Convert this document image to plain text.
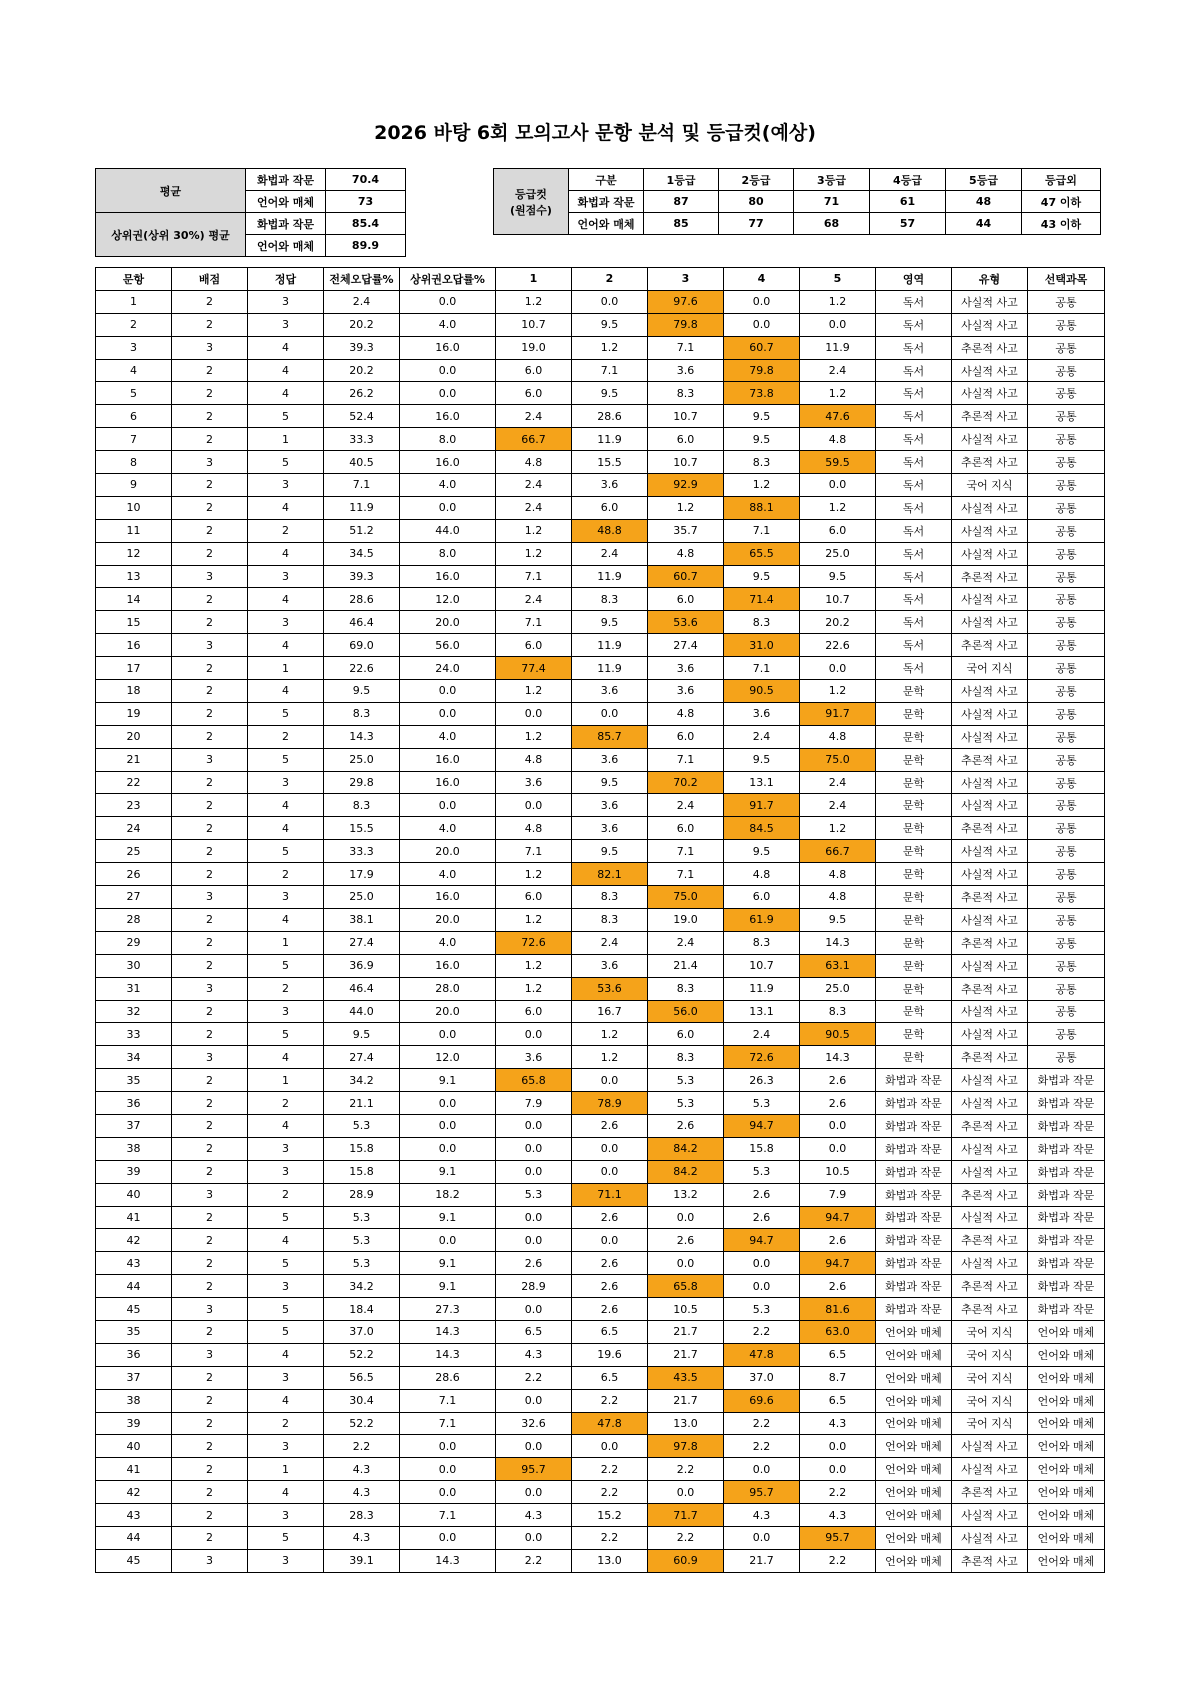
2026 바탕 6회 모의고사 문항 분석 및 등급컷(예상)
평균	화법과 작문	70.4
	언어와 매체	73
상위권(상위 30%) 평균	화법과 작문	85.4
	언어와 매체	89.9
등급컷
(원점수)	구분	1등급	2등급	3등급	4등급	5등급	등급외

	화법과 작문	87	80	71	61	48	47 이하
	언어와 매체	85	77	68	57	44	43 이하
문항	배점	정답	전체오답률%	상위권오답률%	1	2	3	4	5	영역	유형	선택과목
1	2	3	2.4	0.0	1.2	0.0	97.6	0.0	1.2	독서	사실적 사고	공통
2	2	3	20.2	4.0	10.7	9.5	79.8	0.0	0.0	독서	사실적 사고	공통
3	3	4	39.3	16.0	19.0	1.2	7.1	60.7	11.9	독서	추론적 사고	공통
4	2	4	20.2	0.0	6.0	7.1	3.6	79.8	2.4	독서	사실적 사고	공통
5	2	4	26.2	0.0	6.0	9.5	8.3	73.8	1.2	독서	사실적 사고	공통
6	2	5	52.4	16.0	2.4	28.6	10.7	9.5	47.6	독서	추론적 사고	공통
7	2	1	33.3	8.0	66.7	11.9	6.0	9.5	4.8	독서	사실적 사고	공통
8	3	5	40.5	16.0	4.8	15.5	10.7	8.3	59.5	독서	추론적 사고	공통
9	2	3	7.1	4.0	2.4	3.6	92.9	1.2	0.0	독서	국어 지식	공통
10	2	4	11.9	0.0	2.4	6.0	1.2	88.1	1.2	독서	사실적 사고	공통
11	2	2	51.2	44.0	1.2	48.8	35.7	7.1	6.0	독서	사실적 사고	공통
12	2	4	34.5	8.0	1.2	2.4	4.8	65.5	25.0	독서	사실적 사고	공통
13	3	3	39.3	16.0	7.1	11.9	60.7	9.5	9.5	독서	추론적 사고	공통
14	2	4	28.6	12.0	2.4	8.3	6.0	71.4	10.7	독서	사실적 사고	공통
15	2	3	46.4	20.0	7.1	9.5	53.6	8.3	20.2	독서	사실적 사고	공통
16	3	4	69.0	56.0	6.0	11.9	27.4	31.0	22.6	독서	추론적 사고	공통
17	2	1	22.6	24.0	77.4	11.9	3.6	7.1	0.0	독서	국어 지식	공통
18	2	4	9.5	0.0	1.2	3.6	3.6	90.5	1.2	문학	사실적 사고	공통
19	2	5	8.3	0.0	0.0	0.0	4.8	3.6	91.7	문학	사실적 사고	공통
20	2	2	14.3	4.0	1.2	85.7	6.0	2.4	4.8	문학	사실적 사고	공통
21	3	5	25.0	16.0	4.8	3.6	7.1	9.5	75.0	문학	추론적 사고	공통
22	2	3	29.8	16.0	3.6	9.5	70.2	13.1	2.4	문학	사실적 사고	공통
23	2	4	8.3	0.0	0.0	3.6	2.4	91.7	2.4	문학	사실적 사고	공통
24	2	4	15.5	4.0	4.8	3.6	6.0	84.5	1.2	문학	추론적 사고	공통
25	2	5	33.3	20.0	7.1	9.5	7.1	9.5	66.7	문학	사실적 사고	공통
26	2	2	17.9	4.0	1.2	82.1	7.1	4.8	4.8	문학	사실적 사고	공통
27	3	3	25.0	16.0	6.0	8.3	75.0	6.0	4.8	문학	추론적 사고	공통
28	2	4	38.1	20.0	1.2	8.3	19.0	61.9	9.5	문학	사실적 사고	공통
29	2	1	27.4	4.0	72.6	2.4	2.4	8.3	14.3	문학	추론적 사고	공통
30	2	5	36.9	16.0	1.2	3.6	21.4	10.7	63.1	문학	사실적 사고	공통
31	3	2	46.4	28.0	1.2	53.6	8.3	11.9	25.0	문학	추론적 사고	공통
32	2	3	44.0	20.0	6.0	16.7	56.0	13.1	8.3	문학	사실적 사고	공통
33	2	5	9.5	0.0	0.0	1.2	6.0	2.4	90.5	문학	사실적 사고	공통
34	3	4	27.4	12.0	3.6	1.2	8.3	72.6	14.3	문학	추론적 사고	공통
35	2	1	34.2	9.1	65.8	0.0	5.3	26.3	2.6	화법과 작문	사실적 사고	화법과 작문
36	2	2	21.1	0.0	7.9	78.9	5.3	5.3	2.6	화법과 작문	사실적 사고	화법과 작문
37	2	4	5.3	0.0	0.0	2.6	2.6	94.7	0.0	화법과 작문	추론적 사고	화법과 작문
38	2	3	15.8	0.0	0.0	0.0	84.2	15.8	0.0	화법과 작문	사실적 사고	화법과 작문
39	2	3	15.8	9.1	0.0	0.0	84.2	5.3	10.5	화법과 작문	사실적 사고	화법과 작문
40	3	2	28.9	18.2	5.3	71.1	13.2	2.6	7.9	화법과 작문	추론적 사고	화법과 작문
41	2	5	5.3	9.1	0.0	2.6	0.0	2.6	94.7	화법과 작문	사실적 사고	화법과 작문
42	2	4	5.3	0.0	0.0	0.0	2.6	94.7	2.6	화법과 작문	추론적 사고	화법과 작문
43	2	5	5.3	9.1	2.6	2.6	0.0	0.0	94.7	화법과 작문	사실적 사고	화법과 작문
44	2	3	34.2	9.1	28.9	2.6	65.8	0.0	2.6	화법과 작문	추론적 사고	화법과 작문
45	3	5	18.4	27.3	0.0	2.6	10.5	5.3	81.6	화법과 작문	추론적 사고	화법과 작문
35	2	5	37.0	14.3	6.5	6.5	21.7	2.2	63.0	언어와 매체	국어 지식	언어와 매체
36	3	4	52.2	14.3	4.3	19.6	21.7	47.8	6.5	언어와 매체	국어 지식	언어와 매체
37	2	3	56.5	28.6	2.2	6.5	43.5	37.0	8.7	언어와 매체	국어 지식	언어와 매체
38	2	4	30.4	7.1	0.0	2.2	21.7	69.6	6.5	언어와 매체	국어 지식	언어와 매체
39	2	2	52.2	7.1	32.6	47.8	13.0	2.2	4.3	언어와 매체	국어 지식	언어와 매체
40	2	3	2.2	0.0	0.0	0.0	97.8	2.2	0.0	언어와 매체	사실적 사고	언어와 매체
41	2	1	4.3	0.0	95.7	2.2	2.2	0.0	0.0	언어와 매체	사실적 사고	언어와 매체
42	2	4	4.3	0.0	0.0	2.2	0.0	95.7	2.2	언어와 매체	추론적 사고	언어와 매체
43	2	3	28.3	7.1	4.3	15.2	71.7	4.3	4.3	언어와 매체	사실적 사고	언어와 매체
44	2	5	4.3	0.0	0.0	2.2	2.2	0.0	95.7	언어와 매체	사실적 사고	언어와 매체
45	3	3	39.1	14.3	2.2	13.0	60.9	21.7	2.2	언어와 매체	추론적 사고	언어와 매체
